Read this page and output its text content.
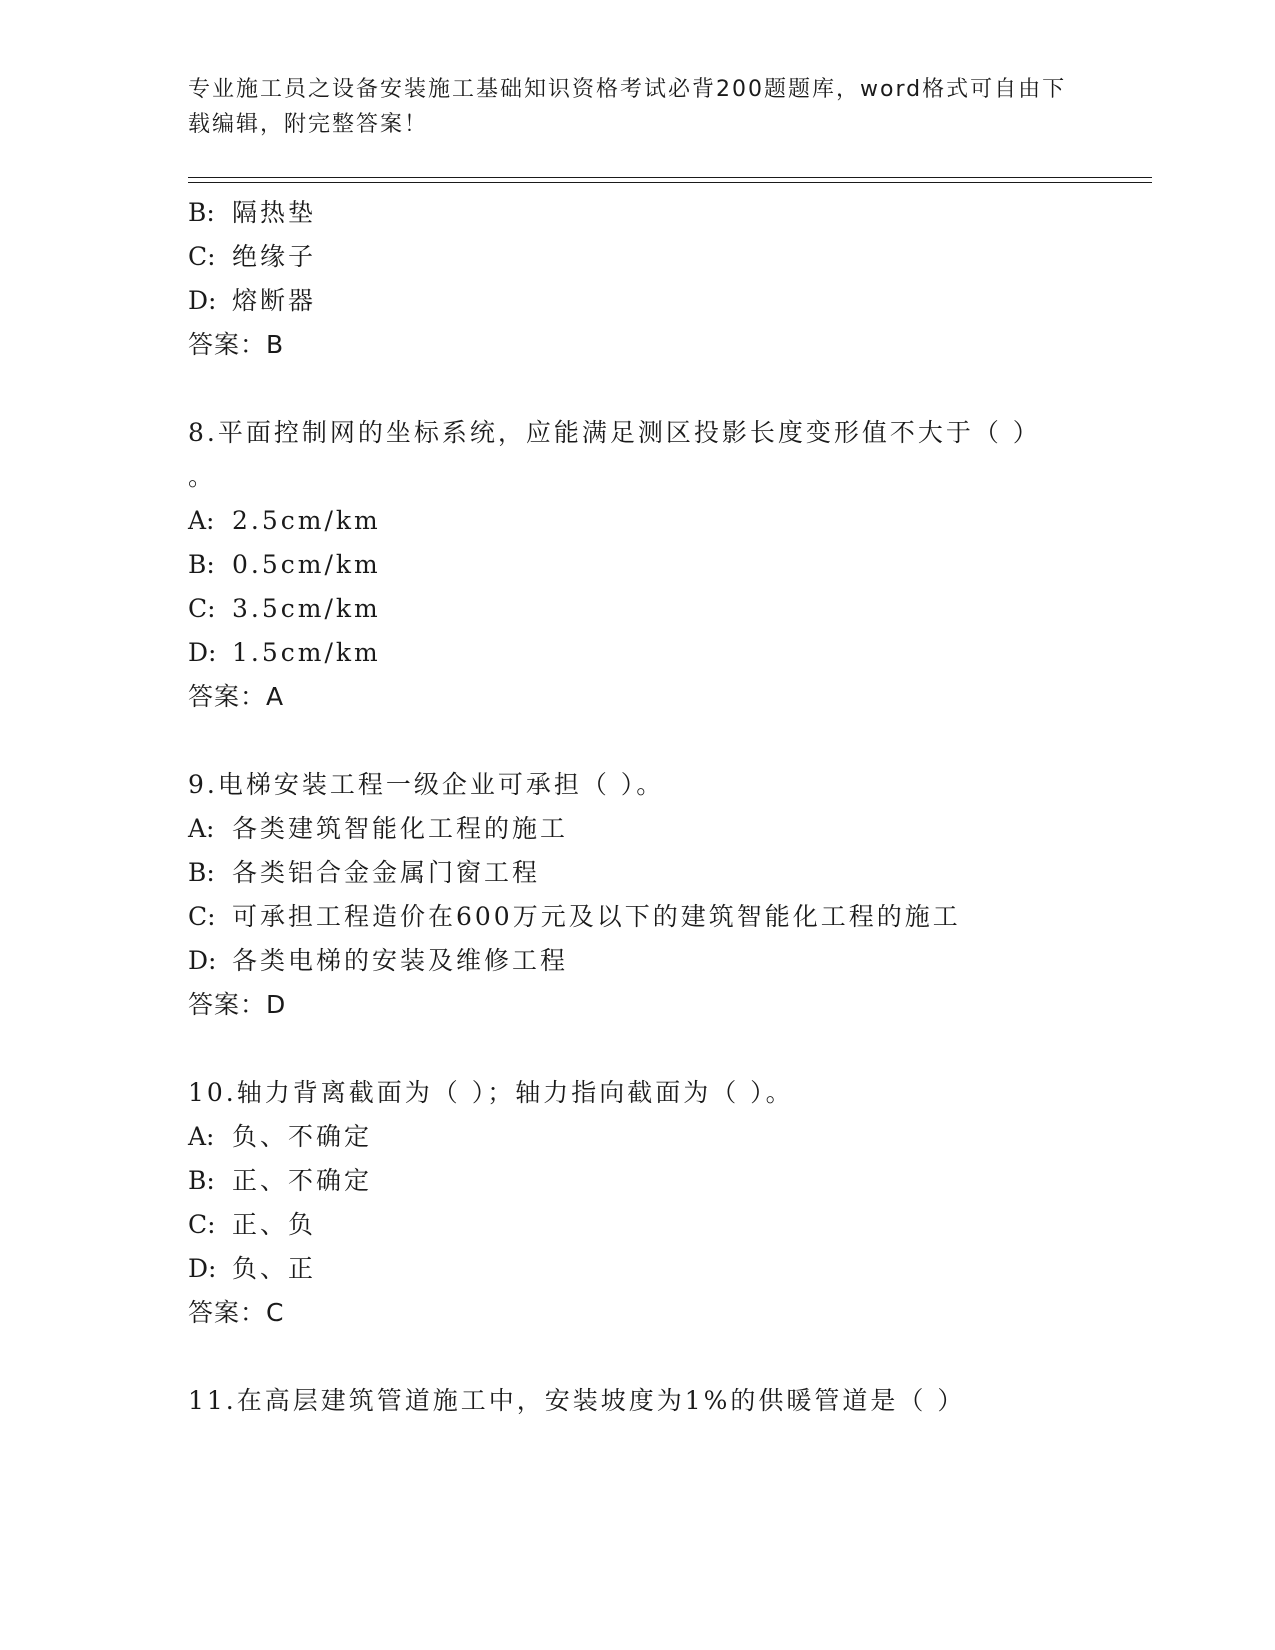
专业施工员之设备安装施工基础知识资格考试必背200题题库，word格式可自由下载编辑，附完整答案！
B: 隔热垫
C: 绝缘子
D: 熔断器
答案：B
8.平面控制网的坐标系统，应能满足测区投影长度变形值不大于（ ）
。
A: 2.5cm/km
B: 0.5cm/km
C: 3.5cm/km
D: 1.5cm/km
答案：A
9.电梯安装工程一级企业可承担（ ）。
A: 各类建筑智能化工程的施工
B: 各类铝合金金属门窗工程
C: 可承担工程造价在600万元及以下的建筑智能化工程的施工
D: 各类电梯的安装及维修工程
答案：D
10.轴力背离截面为（ ）；轴力指向截面为（ ）。
A: 负、不确定
B: 正、不确定
C: 正、负
D: 负、正
答案：C
11.在高层建筑管道施工中，安装坡度为1%的供暖管道是（ ）
